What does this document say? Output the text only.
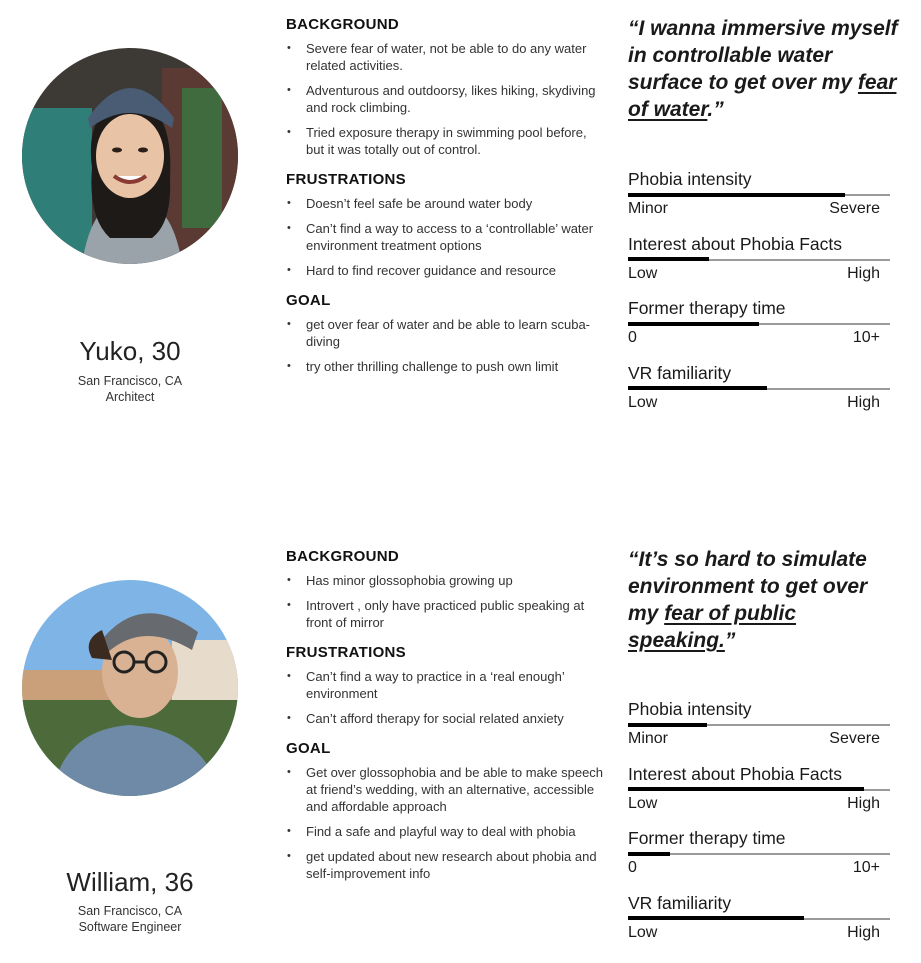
Yuko, 30
San Francisco, CA
Architect
BACKGROUND
• Severe fear of water, not be able to do any water related activities.
• Adventurous and outdoorsy, likes hiking, skydiving and rock climbing.
• Tried exposure therapy in swimming pool before, but it was totally out of control.
FRUSTRATIONS
• Doesn’t feel safe be around water body
• Can’t find a way to access to a ‘controllable’ water environment treatment options
• Hard to find recover guidance and resource
GOAL
• get over fear of water and be able to learn scuba-diving
• try other thrilling challenge to push own limit
“I wanna immersive myself in controllable water surface to get over my fear of water.”
Phobia intensity
Minor	Severe
Interest about Phobia Facts
Low	High
Former therapy time
0	10+
VR familiarity
Low	High
William, 36
San Francisco, CA
Software Engineer
BACKGROUND
• Has minor glossophobia growing up
• Introvert , only have practiced public speaking at front of mirror
FRUSTRATIONS
• Can’t find a way to practice in a ‘real enough’ environment
• Can’t afford therapy for social related anxiety
GOAL
• Get over glossophobia and be able to make speech at friend’s wedding, with an alternative, accessible and affordable approach
• Find a safe and playful way to deal with phobia
• get updated about new research about phobia and self-improvement info
“It’s so hard to simulate environment to get over my fear of public speaking.”
Phobia intensity
Minor	Severe
Interest about Phobia Facts
Low	High
Former therapy time
0	10+
VR familiarity
Low	High
